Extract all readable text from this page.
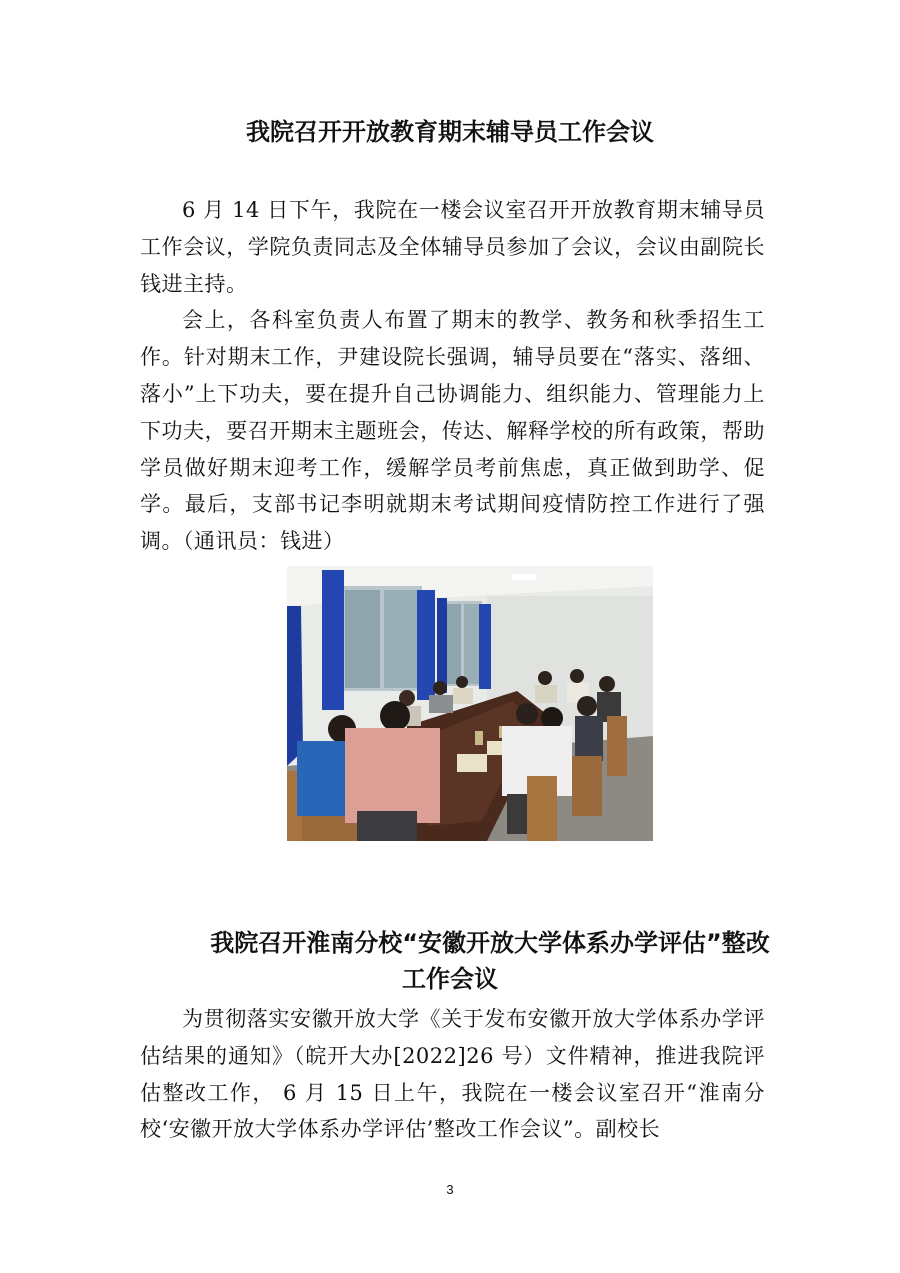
我院召开开放教育期末辅导员工作会议

6 月 14 日下午，我院在一楼会议室召开开放教育期末辅导员工作会议，学院负责同志及全体辅导员参加了会议，会议由副院长钱进主持。

会上，各科室负责人布置了期末的教学、教务和秋季招生工作。针对期末工作，尹建设院长强调，辅导员要在“落实、落细、落小”上下功夫，要在提升自己协调能力、组织能力、管理能力上下功夫，要召开期末主题班会，传达、解释学校的所有政策，帮助学员做好期末迎考工作，缓解学员考前焦虑，真正做到助学、促学。最后，支部书记李明就期末考试期间疫情防控工作进行了强调。（通讯员：钱进）

我院召开淮南分校“安徽开放大学体系办学评估”整改
工作会议

为贯彻落实安徽开放大学《关于发布安徽开放大学体系办学评估结果的通知》（皖开大办[2022]26 号）文件精神，推进我院评估整改工作， 6 月 15 日上午，我院在一楼会议室召开“淮南分校‘安徽开放大学体系办学评估’整改工作会议”。副校长

3
